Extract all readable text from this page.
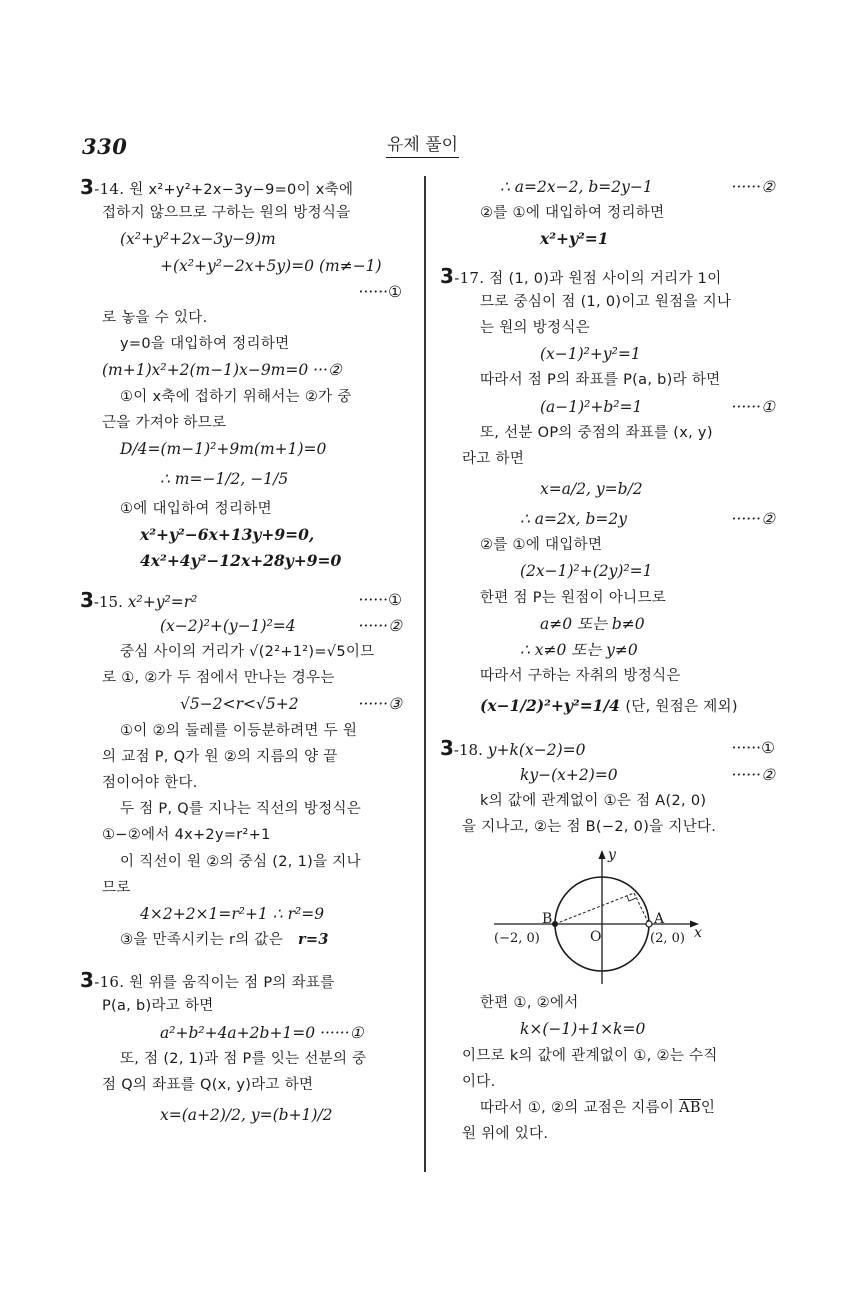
330	유제 풀이
3-14. 원 x²+y²+2x−3y−9=0이 x축에
접하지 않으므로 구하는 원의 방정식을
(x²+y²+2x−3y−9)m
+(x²+y²−2x+5y)=0 (m≠−1)
······①
로 놓을 수 있다.
y=0을 대입하여 정리하면
(m+1)x²+2(m−1)x−9m=0 ···②
①이 x축에 접하기 위해서는 ②가 중
근을 가져야 하므로
D/4=(m−1)²+9m(m+1)=0
∴ m=−1/2, −1/5
①에 대입하여 정리하면
x²+y²−6x+13y+9=0,
4x²+4y²−12x+28y+9=0
3-15. x²+y²=r²	······①
(x−2)²+(y−1)²=4	······②
중심 사이의 거리가 √(2²+1²)=√5이므
로 ①, ②가 두 점에서 만나는 경우는
√5−2<r<√5+2	······③
①이 ②의 둘레를 이등분하려면 두 원
의 교점 P, Q가 원 ②의 지름의 양 끝
점이어야 한다.
두 점 P, Q를 지나는 직선의 방정식은
①−②에서 4x+2y=r²+1
이 직선이 원 ②의 중심 (2, 1)을 지나
므로
4×2+2×1=r²+1 ∴ r²=9
③을 만족시키는 r의 값은 r=3
3-16. 원 위를 움직이는 점 P의 좌표를
P(a, b)라고 하면
a²+b²+4a+2b+1=0 ······①
또, 점 (2, 1)과 점 P를 잇는 선분의 중
점 Q의 좌표를 Q(x, y)라고 하면
x=(a+2)/2, y=(b+1)/2
∴ a=2x−2, b=2y−1	······②
②를 ①에 대입하여 정리하면
x²+y²=1
3-17. 점 (1, 0)과 원점 사이의 거리가 1이
므로 중심이 점 (1, 0)이고 원점을 지나
는 원의 방정식은
(x−1)²+y²=1
따라서 점 P의 좌표를 P(a, b)라 하면
(a−1)²+b²=1	······①
또, 선분 OP의 중점의 좌표를 (x, y)
라고 하면
x=a/2, y=b/2
∴ a=2x, b=2y	······②
②를 ①에 대입하면
(2x−1)²+(2y)²=1
한편 점 P는 원점이 아니므로
a≠0 또는 b≠0
∴ x≠0 또는 y≠0
따라서 구하는 자취의 방정식은
(x−1/2)²+y²=1/4 (단, 원점은 제외)
3-18. y+k(x−2)=0	······①
ky−(x+2)=0	······②
k의 값에 관계없이 ①은 점 A(2, 0)
을 지나고, ②는 점 B(−2, 0)을 지난다.
y
x
O
B
(−2, 0)
A
(2, 0)
한편 ①, ②에서
k×(−1)+1×k=0
이므로 k의 값에 관계없이 ①, ②는 수직
이다.
따라서 ①, ②의 교점은 지름이 $\overline{AB}$인
원 위에 있다.
